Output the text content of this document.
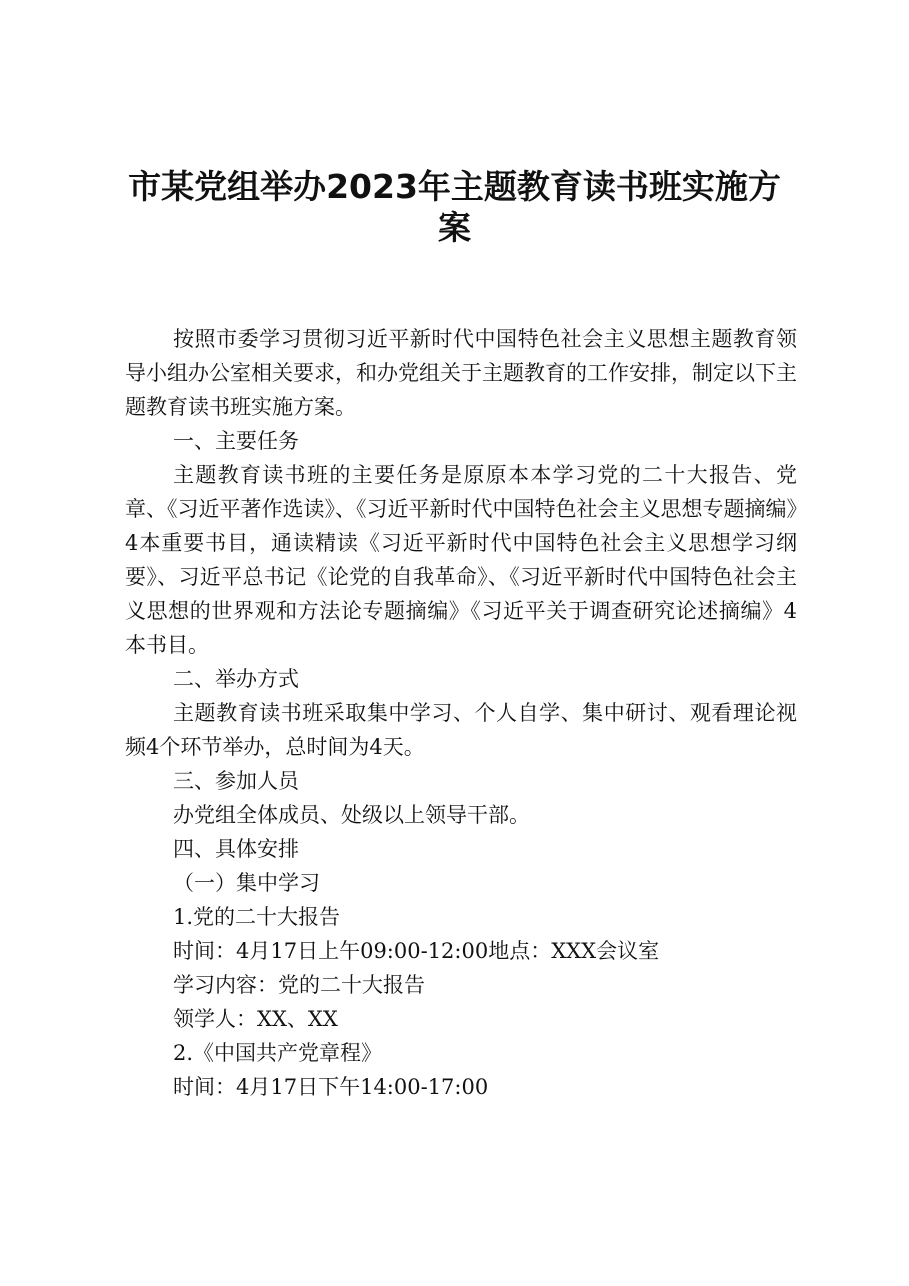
市某党组举办2023年主题教育读书班实施方
案

按照市委学习贯彻习近平新时代中国特色社会主义思想主题教育领导小组办公室相关要求，和办党组关于主题教育的工作安排，制定以下主题教育读书班实施方案。

一、主要任务

主题教育读书班的主要任务是原原本本学习党的二十大报告、党章、《习近平著作选读》、《习近平新时代中国特色社会主义思想专题摘编》4本重要书目，通读精读《习近平新时代中国特色社会主义思想学习纲要》、习近平总书记《论党的自我革命》、《习近平新时代中国特色社会主义思想的世界观和方法论专题摘编》《习近平关于调查研究论述摘编》4本书目。

二、举办方式

主题教育读书班采取集中学习、个人自学、集中研讨、观看理论视频4个环节举办，总时间为4天。

三、参加人员

办党组全体成员、处级以上领导干部。

四、具体安排

（一）集中学习

1.党的二十大报告

时间：4月17日上午09:00-12:00地点：XXX会议室

学习内容：党的二十大报告

领学人：XX、XX

2.《中国共产党章程》

时间：4月17日下午14:00-17:00
